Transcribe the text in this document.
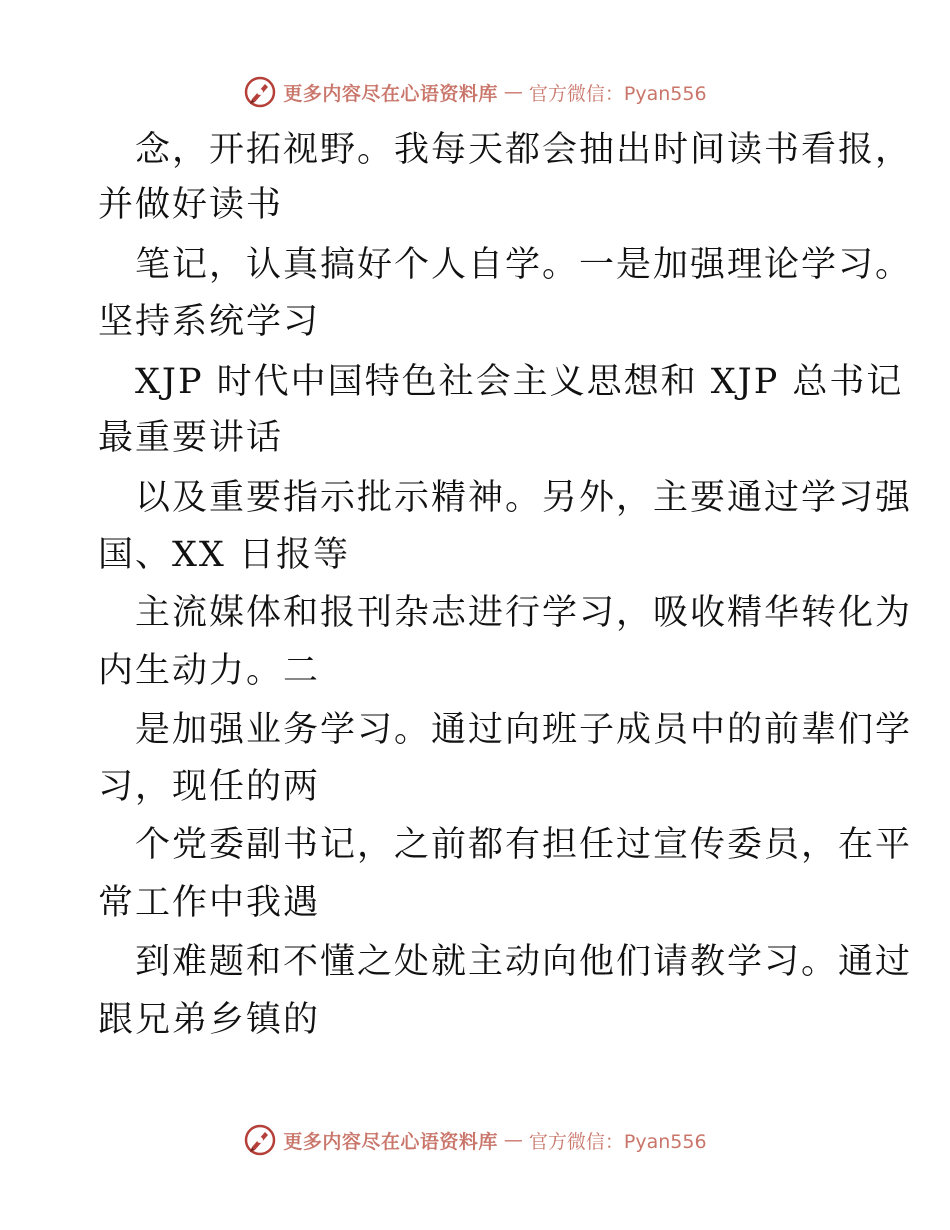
更多内容尽在心语资料库 — 官方微信：Pyan556
念，开拓视野。我每天都会抽出时间读书看报，
并做好读书
笔记，认真搞好个人自学。一是加强理论学习。
坚持系统学习
XJP 时代中国特色社会主义思想和 XJP 总书记
最重要讲话
以及重要指示批示精神。另外，主要通过学习强
国、XX 日报等
主流媒体和报刊杂志进行学习，吸收精华转化为
内生动力。二
是加强业务学习。通过向班子成员中的前辈们学
习，现任的两
个党委副书记，之前都有担任过宣传委员，在平
常工作中我遇
到难题和不懂之处就主动向他们请教学习。通过
跟兄弟乡镇的
更多内容尽在心语资料库 — 官方微信：Pyan556
